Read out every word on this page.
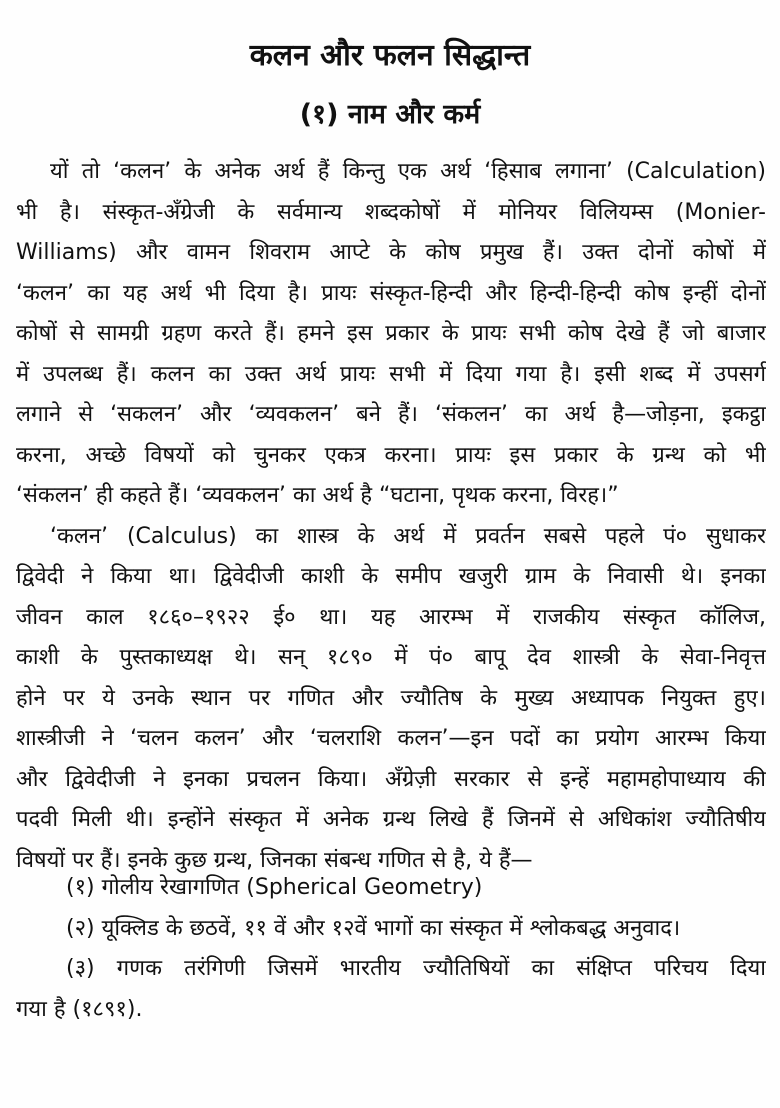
कलन और फलन सिद्धान्त
(१) नाम और कर्म
यों तो ‘कलन’ के अनेक अर्थ हैं किन्तु एक अर्थ ‘हिसाब लगाना’ (Calculation)
भी है। संस्कृत-अँग्रेजी के सर्वमान्य शब्दकोषों में मोनियर विलियम्स (Monier-
Williams) और वामन शिवराम आप्टे के कोष प्रमुख हैं। उक्त दोनों कोषों में
‘कलन’ का यह अर्थ भी दिया है। प्रायः संस्कृत-हिन्दी और हिन्दी-हिन्दी कोष इन्हीं दोनों
कोषों से सामग्री ग्रहण करते हैं। हमने इस प्रकार के प्रायः सभी कोष देखे हैं जो बाजार
में उपलब्ध हैं। कलन का उक्त अर्थ प्रायः सभी में दिया गया है। इसी शब्द में उपसर्ग
लगाने से ‘सकलन’ और ‘व्यवकलन’ बने हैं। ‘संकलन’ का अर्थ है—जोड़ना, इकट्ठा
करना, अच्छे विषयों को चुनकर एकत्र करना। प्रायः इस प्रकार के ग्रन्थ को भी
‘संकलन’ ही कहते हैं। ‘व्यवकलन’ का अर्थ है “घटाना, पृथक करना, विरह।”
‘कलन’ (Calculus) का शास्त्र के अर्थ में प्रवर्तन सबसे पहले पं० सुधाकर
द्विवेदी ने किया था। द्विवेदीजी काशी के समीप खजुरी ग्राम के निवासी थे। इनका
जीवन काल १८६०–१९२२ ई० था। यह आरम्भ में राजकीय संस्कृत कॉलिज,
काशी के पुस्तकाध्यक्ष थे। सन् १८९० में पं० बापू देव शास्त्री के सेवा-निवृत्त
होने पर ये उनके स्थान पर गणित और ज्यौतिष के मुख्य अध्यापक नियुक्त हुए।
शास्त्रीजी ने ‘चलन कलन’ और ‘चलराशि कलन’—इन पदों का प्रयोग आरम्भ किया
और द्विवेदीजी ने इनका प्रचलन किया। अँग्रेज़ी सरकार से इन्हें महामहोपाध्याय की
पदवी मिली थी। इन्होंने संस्कृत में अनेक ग्रन्थ लिखे हैं जिनमें से अधिकांश ज्यौतिषीय
विषयों पर हैं। इनके कुछ ग्रन्थ, जिनका संबन्ध गणित से है, ये हैं—
(१) गोलीय रेखागणित (Spherical Geometry)
(२) यूक्लिड के छठवें, ११ वें और १२वें भागों का संस्कृत में श्लोकबद्ध अनुवाद।
(३) गणक तरंगिणी जिसमें भारतीय ज्यौतिषियों का संक्षिप्त परिचय दिया
गया है (१८९१).
